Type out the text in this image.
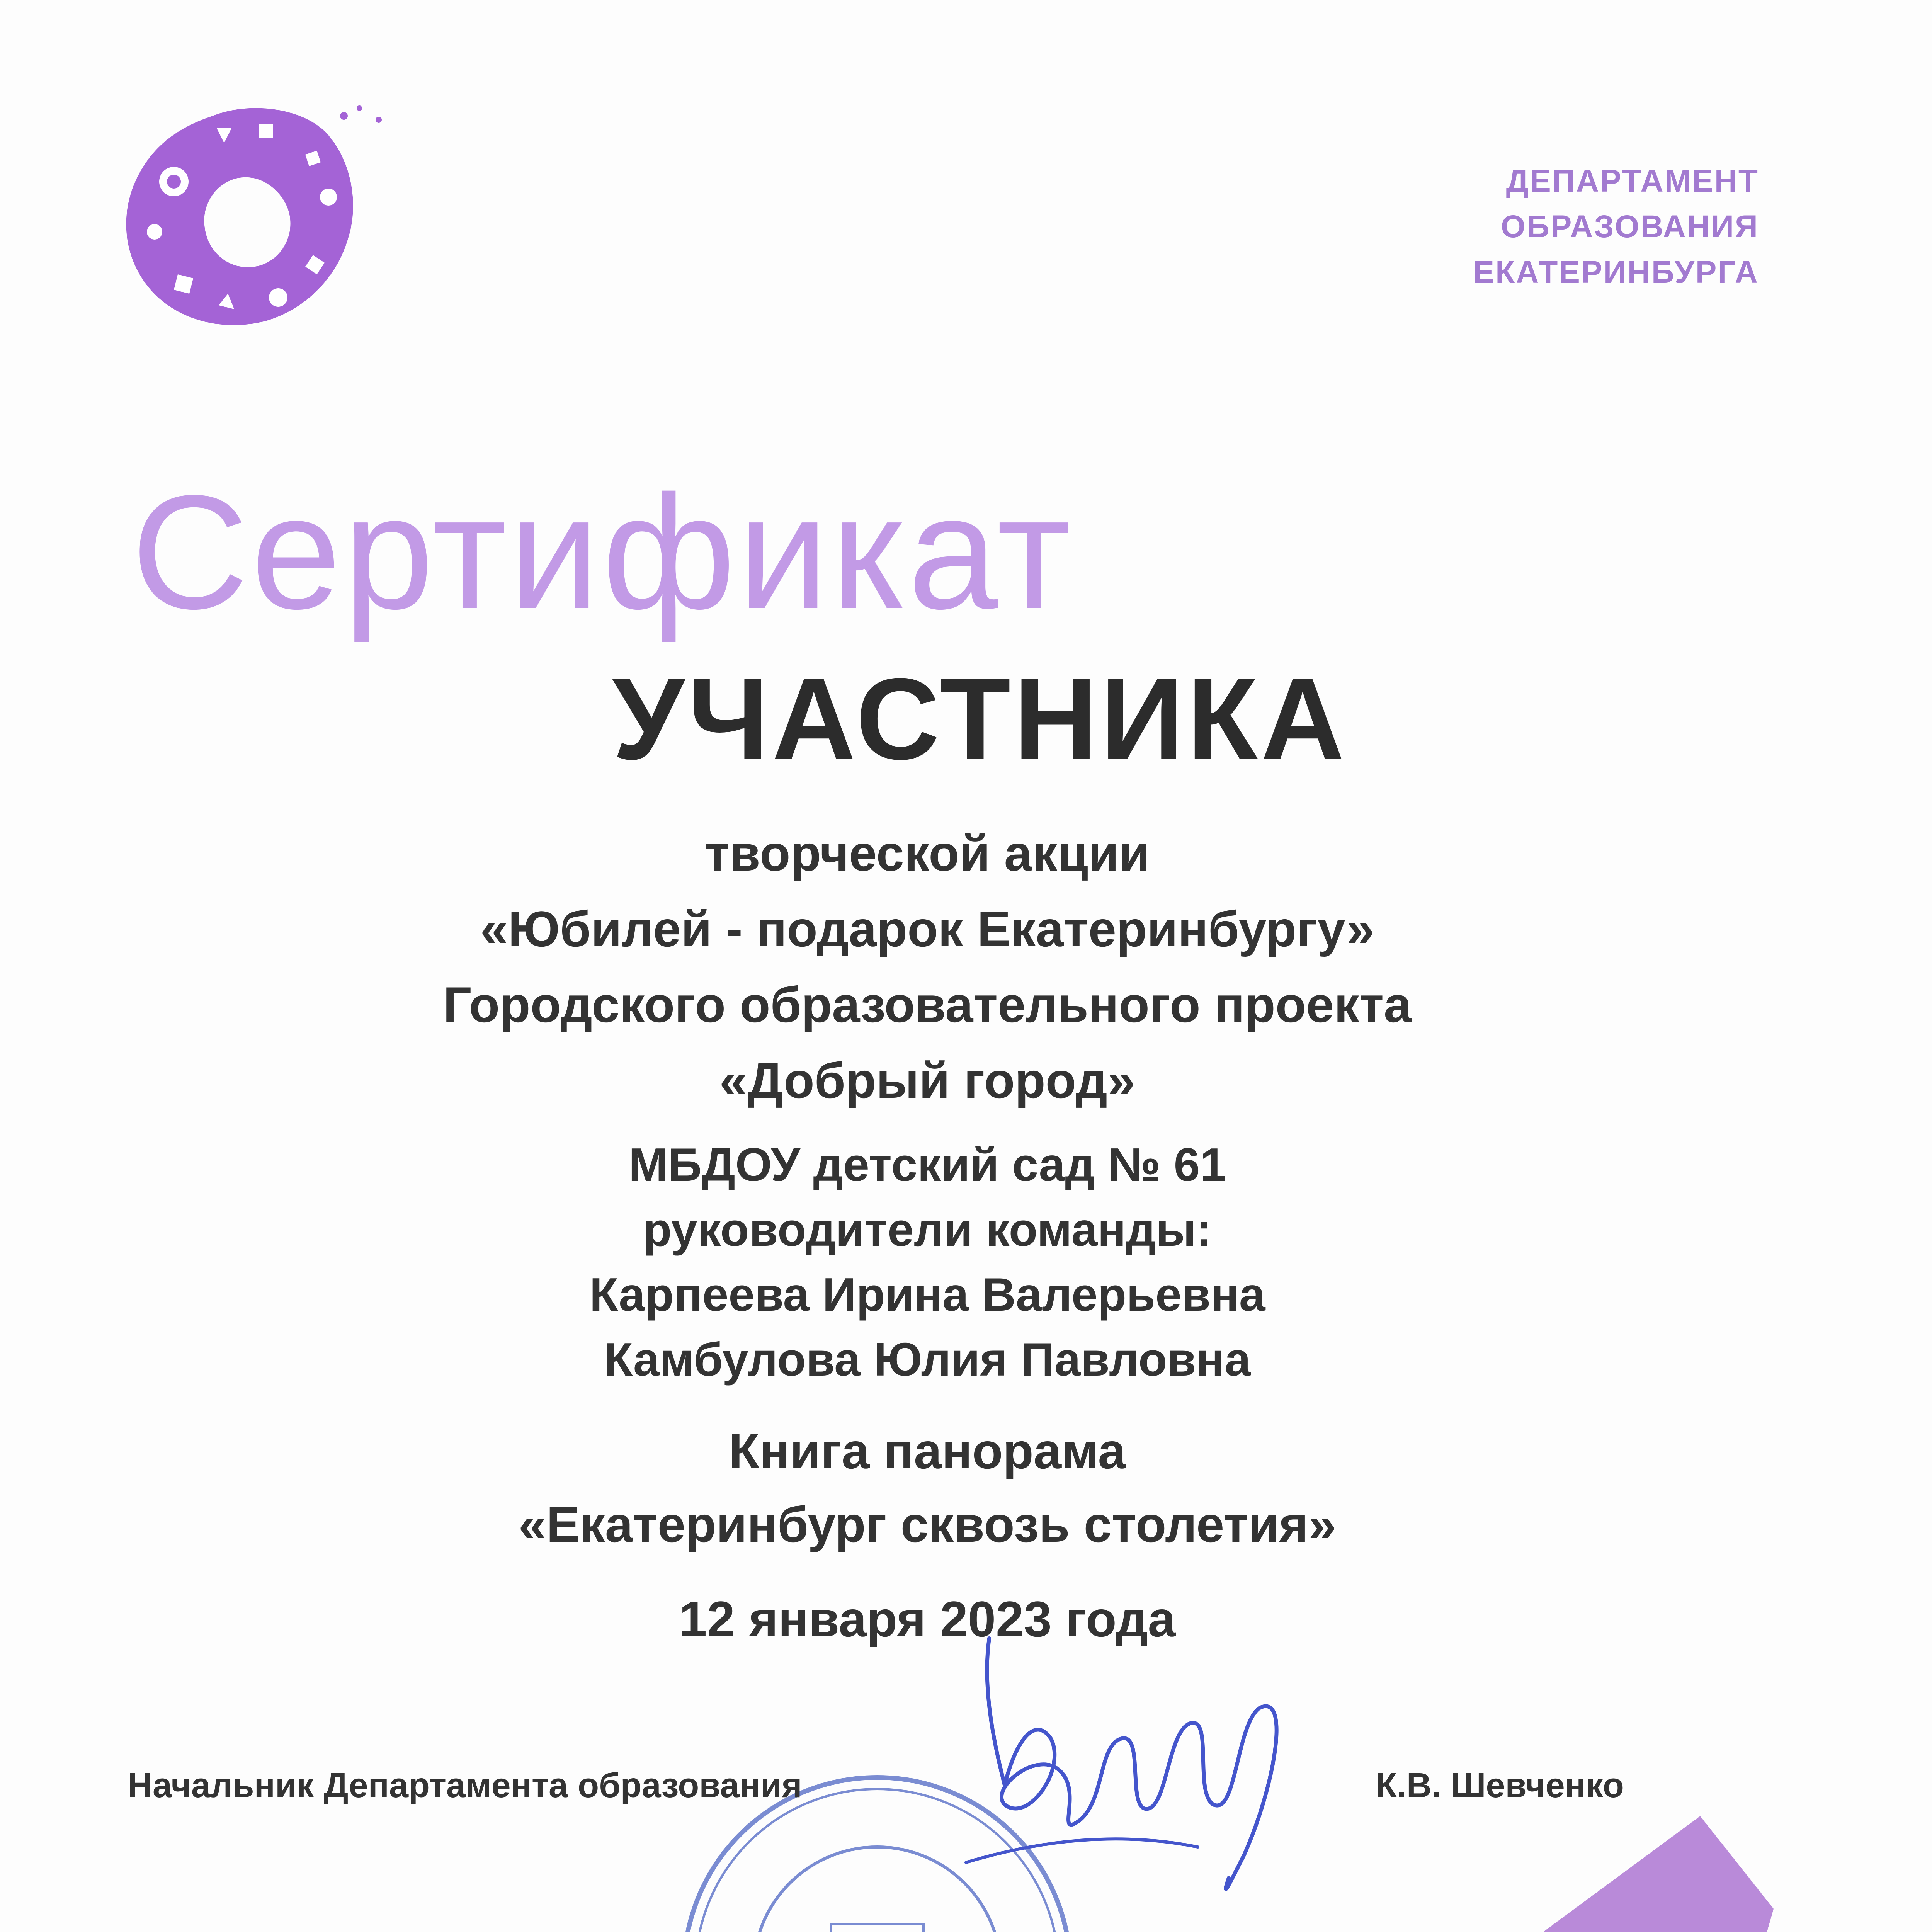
ДЕПАРТАМЕНТ
ОБРАЗОВАНИЯ
ЕКАТЕРИНБУРГА
Сертификат
УЧАСТНИКА
творческой акции
«Юбилей - подарок Екатеринбургу»
Городского образовательного проекта
«Добрый город»
МБДОУ детский сад № 61
руководители команды:
Карпеева Ирина Валерьевна
Камбулова Юлия Павловна
Книга панорама
«Екатеринбург сквозь столетия»
12 января 2023 года
Начальник Департамента образования	К.В. Шевченко
